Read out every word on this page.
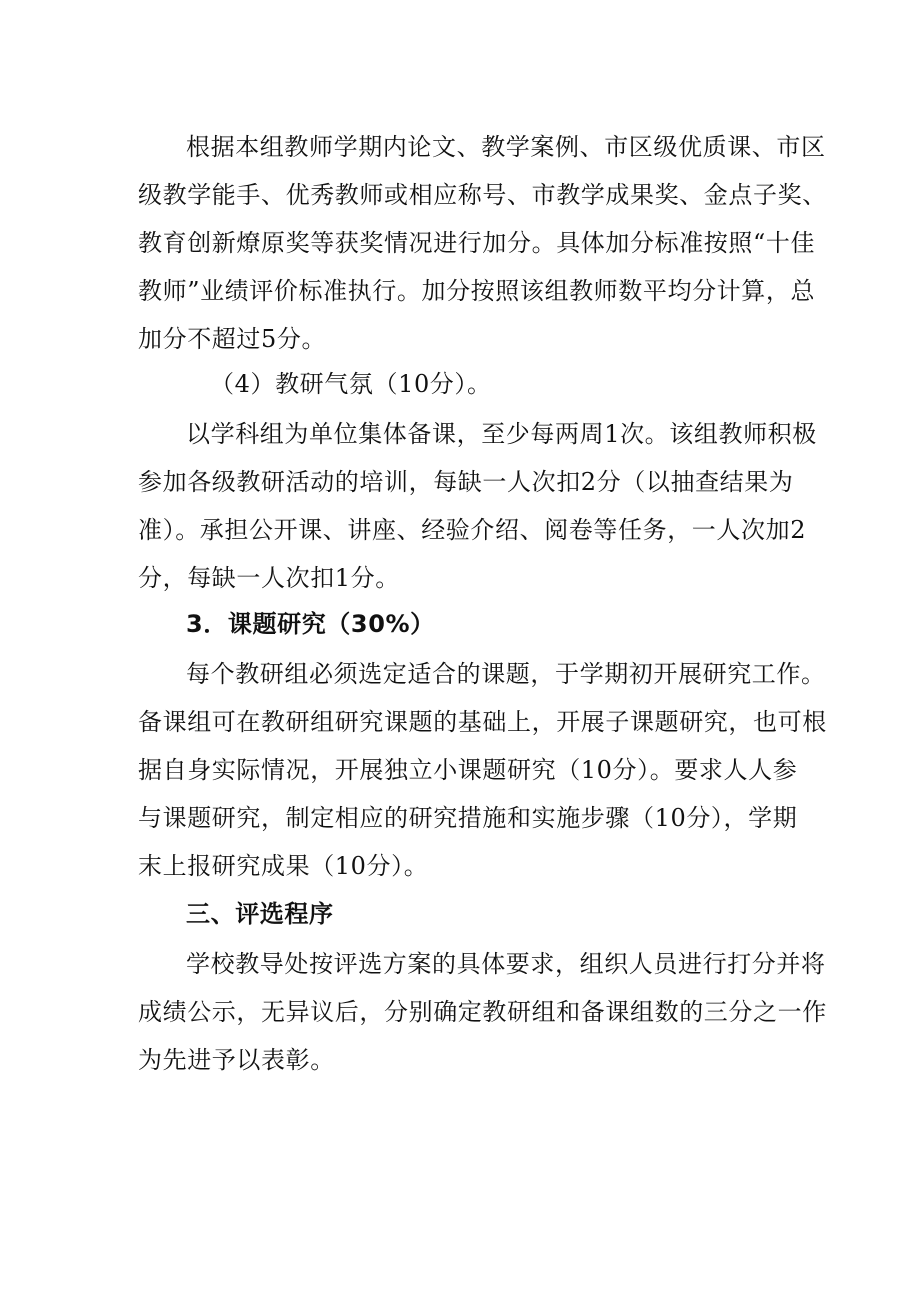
根据本组教师学期内论文、教学案例、市区级优质课、市区
级教学能手、优秀教师或相应称号、市教学成果奖、金点子奖、
教育创新燎原奖等获奖情况进行加分。具体加分标准按照“十佳
教师”业绩评价标准执行。加分按照该组教师数平均分计算，总
加分不超过5分。
（4）教研气氛（10分）。
以学科组为单位集体备课，至少每两周1次。该组教师积极
参加各级教研活动的培训，每缺一人次扣2分（以抽查结果为
准）。承担公开课、讲座、经验介绍、阅卷等任务，一人次加2
分，每缺一人次扣1分。
3．课题研究（30%）
每个教研组必须选定适合的课题，于学期初开展研究工作。
备课组可在教研组研究课题的基础上，开展子课题研究，也可根
据自身实际情况，开展独立小课题研究（10分）。要求人人参
与课题研究，制定相应的研究措施和实施步骤（10分），学期
末上报研究成果（10分）。
三、评选程序
学校教导处按评选方案的具体要求，组织人员进行打分并将
成绩公示，无异议后，分别确定教研组和备课组数的三分之一作
为先进予以表彰。
